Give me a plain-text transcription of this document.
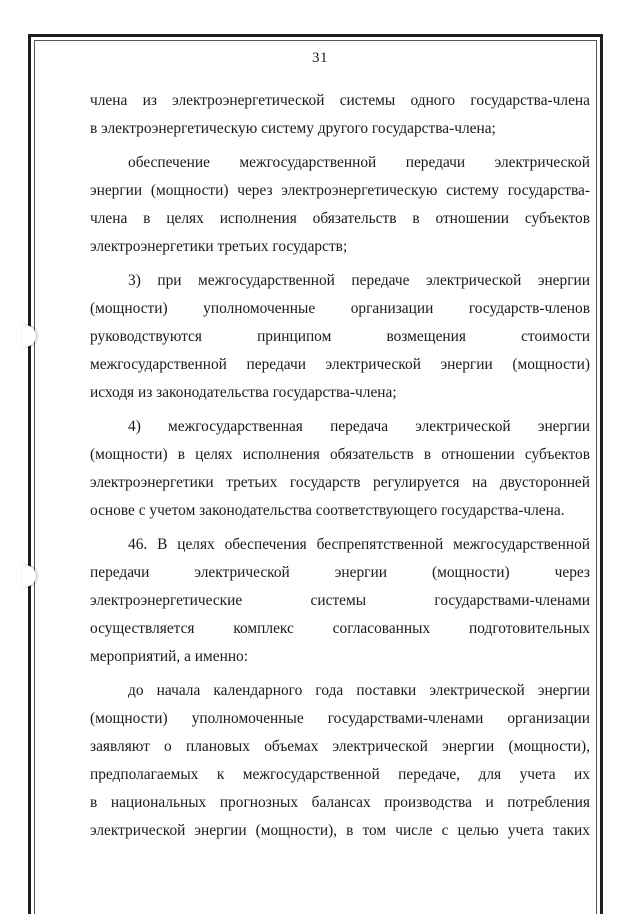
31
члена из электроэнергетической системы одного государства-члена
в электроэнергетическую систему другого государства-члена;
обеспечение межгосударственной передачи электрической
энергии (мощности) через электроэнергетическую систему государства-
члена в целях исполнения обязательств в отношении субъектов
электроэнергетики третьих государств;
3) при межгосударственной передаче электрической энергии
(мощности) уполномоченные организации государств-членов
руководствуются принципом возмещения стоимости
межгосударственной передачи электрической энергии (мощности)
исходя из законодательства государства-члена;
4) межгосударственная передача электрической энергии
(мощности) в целях исполнения обязательств в отношении субъектов
электроэнергетики третьих государств регулируется на двусторонней
основе с учетом законодательства соответствующего государства-члена.
46. В целях обеспечения беспрепятственной межгосударственной
передачи электрической энергии (мощности) через
электроэнергетические системы государствами-членами
осуществляется комплекс согласованных подготовительных
мероприятий, а именно:
до начала календарного года поставки электрической энергии
(мощности) уполномоченные государствами-членами организации
заявляют о плановых объемах электрической энергии (мощности),
предполагаемых к межгосударственной передаче, для учета их
в национальных прогнозных балансах производства и потребления
электрической энергии (мощности), в том числе с целью учета таких
